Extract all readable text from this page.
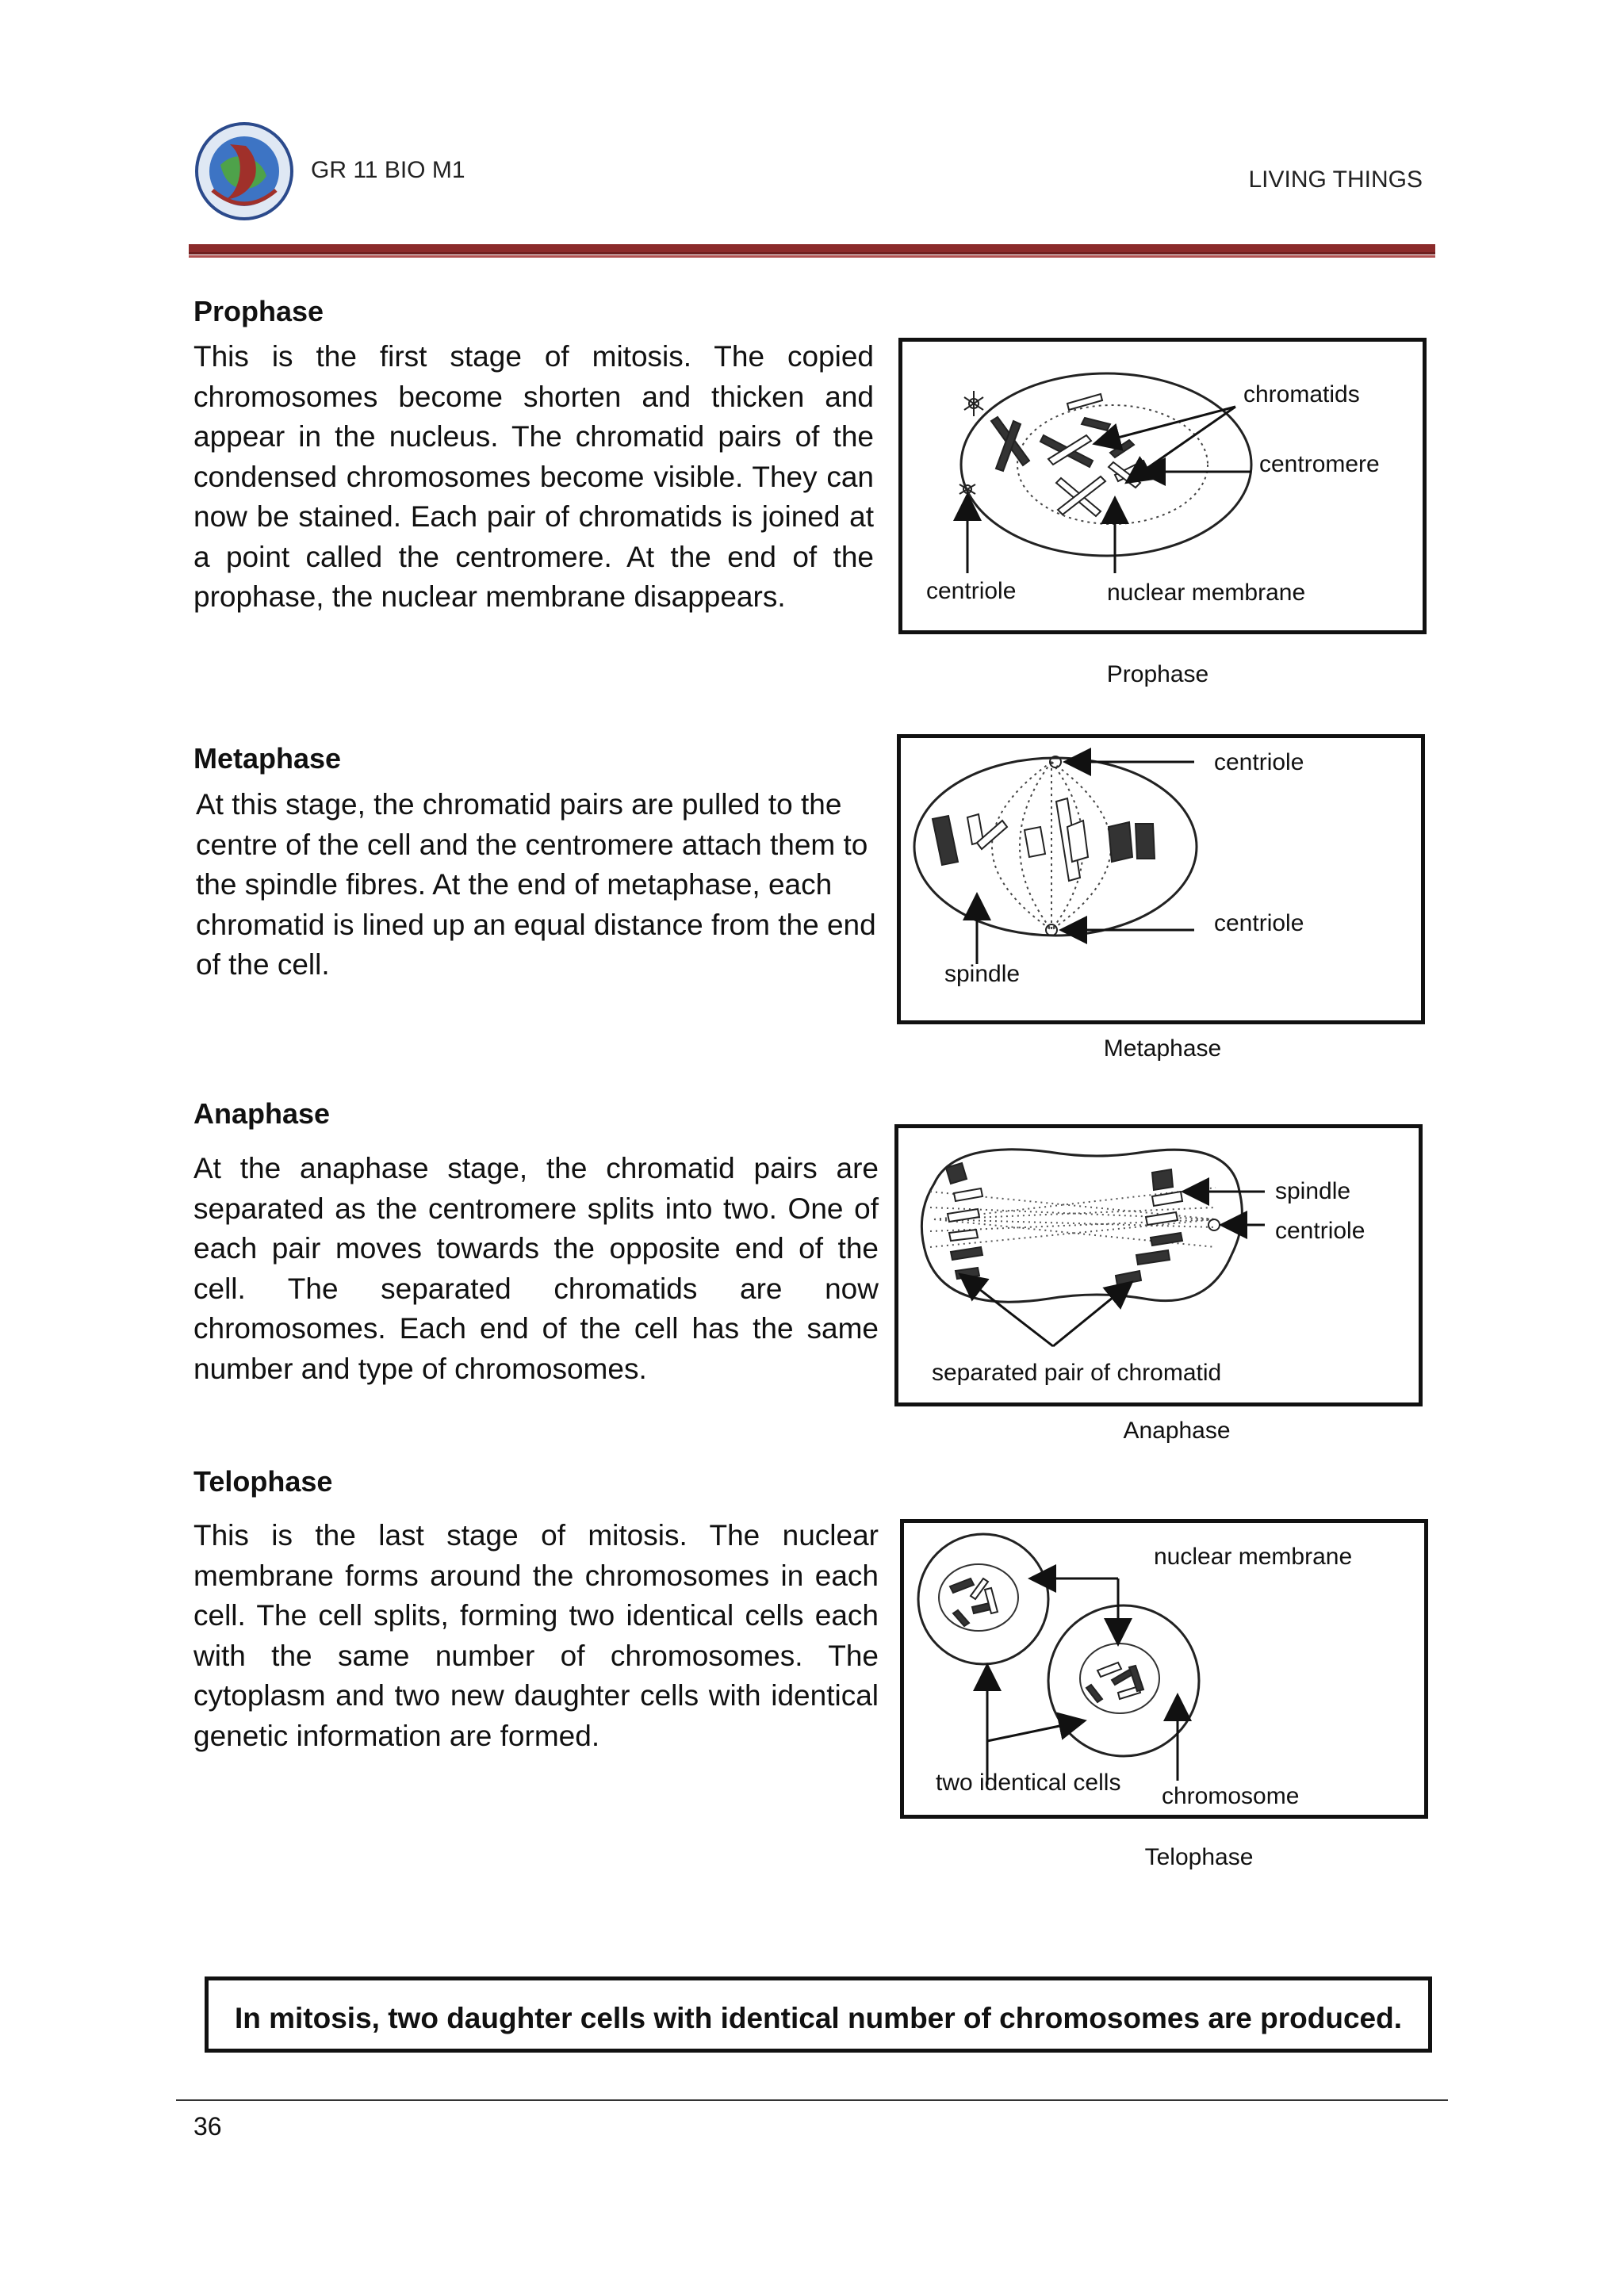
GR 11 BIO M1	LIVING THINGS
Prophase
This is the first stage of mitosis. The copied chromosomes become shorten and thicken and appear in the nucleus. The chromatid pairs of the condensed chromosomes become visible. They can now be stained. Each pair of chromatids is joined at a point called the centromere. At the end of the prophase, the nuclear membrane disappears.
chromatids
centromere
centriole	nuclear membrane
Prophase
Metaphase
At this stage, the chromatid pairs are pulled to the centre of the cell and the centromere attach them to the spindle fibres. At the end of metaphase, each chromatid is lined up an equal distance from the end of the cell.
centriole
centriole
spindle
Metaphase
Anaphase
At the anaphase stage, the chromatid pairs are separated as the centromere splits into two. One of each pair moves towards the opposite end of the cell. The separated chromatids are now chromosomes. Each end of the cell has the same number and type of chromosomes.
spindle
centriole
separated pair of chromatid
Anaphase
Telophase
This is the last stage of mitosis. The nuclear membrane forms around the chromosomes in each cell. The cell splits, forming two identical cells each with the same number of chromosomes. The cytoplasm and two new daughter cells with identical genetic information are formed.
nuclear membrane
two identical cells
chromosome
Telophase
In mitosis, two daughter cells with identical number of chromosomes are produced.
36
